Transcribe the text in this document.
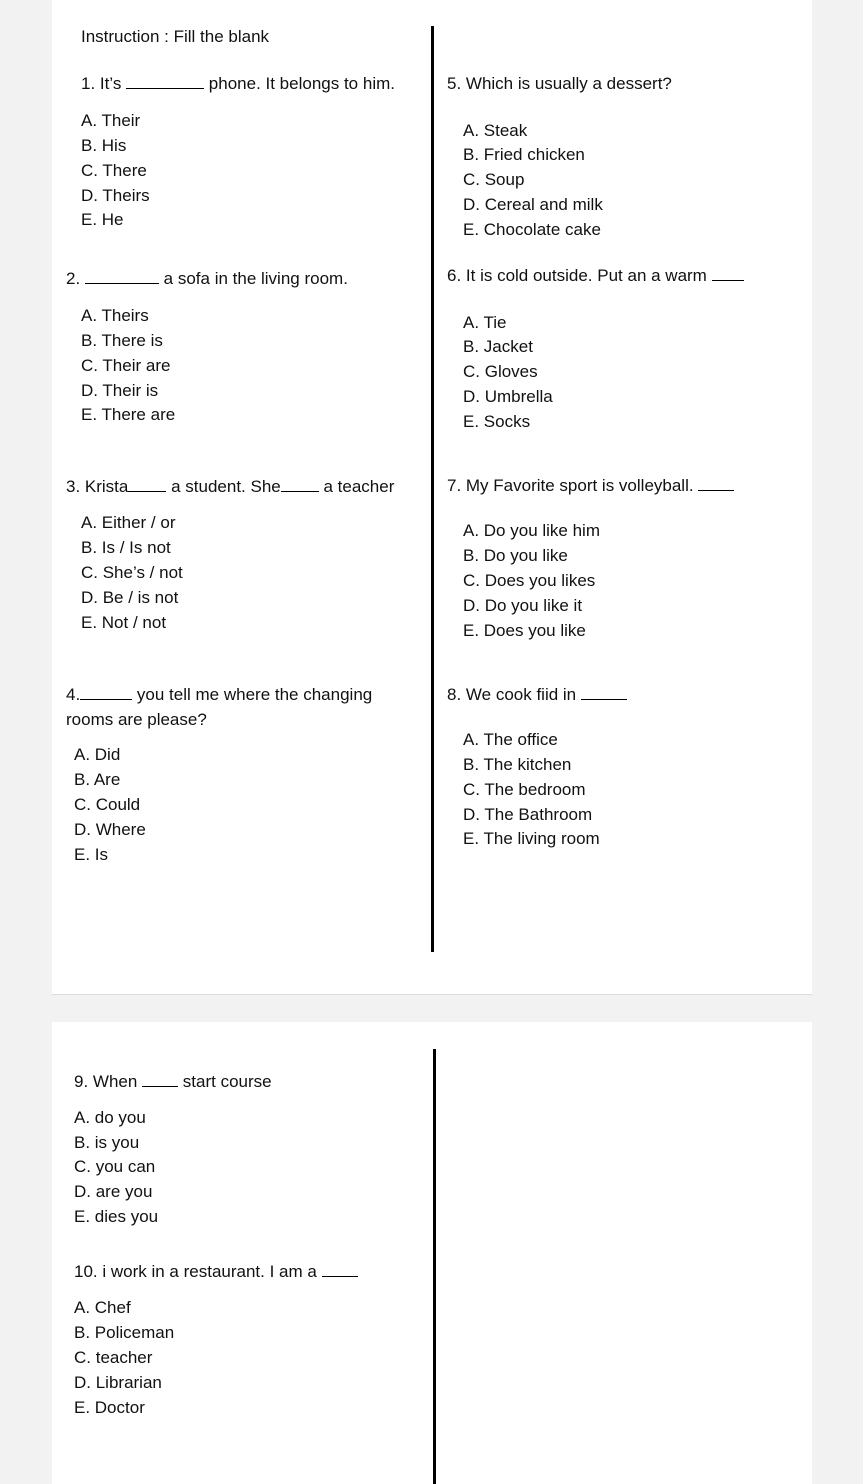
Instruction : Fill the blank
1. It’s	phone. It belongs to him.
A. Their
B. His
C. There
D. Theirs
E. He
2.	a sofa in the living room.
A. Theirs
B. There is
C. Their are
D. Their is
E. There are
3. Krista	a student. She	a teacher
A. Either / or
B. Is / Is not
C. She’s / not
D. Be / is not
E. Not / not
4.	you tell me where the changing
rooms are please?
A. Did
B. Are
C. Could
D. Where
E. Is
5. Which is usually a dessert?
A. Steak
B. Fried chicken
C. Soup
D. Cereal and milk
E. Chocolate cake
6. It is cold outside. Put an a warm
A. Tie
B. Jacket
C. Gloves
D. Umbrella
E. Socks
7. My Favorite sport is volleyball.
A. Do you like him
B. Do you like
C. Does you likes
D. Do you like it
E. Does you like
8. We cook fiid in
A. The office
B. The kitchen
C. The bedroom
D. The Bathroom
E. The living room
9. When	start course
A. do you
B. is you
C. you can
D. are you
E. dies you
10. i work in a restaurant. I am a
A. Chef
B. Policeman
C. teacher
D. Librarian
E. Doctor
